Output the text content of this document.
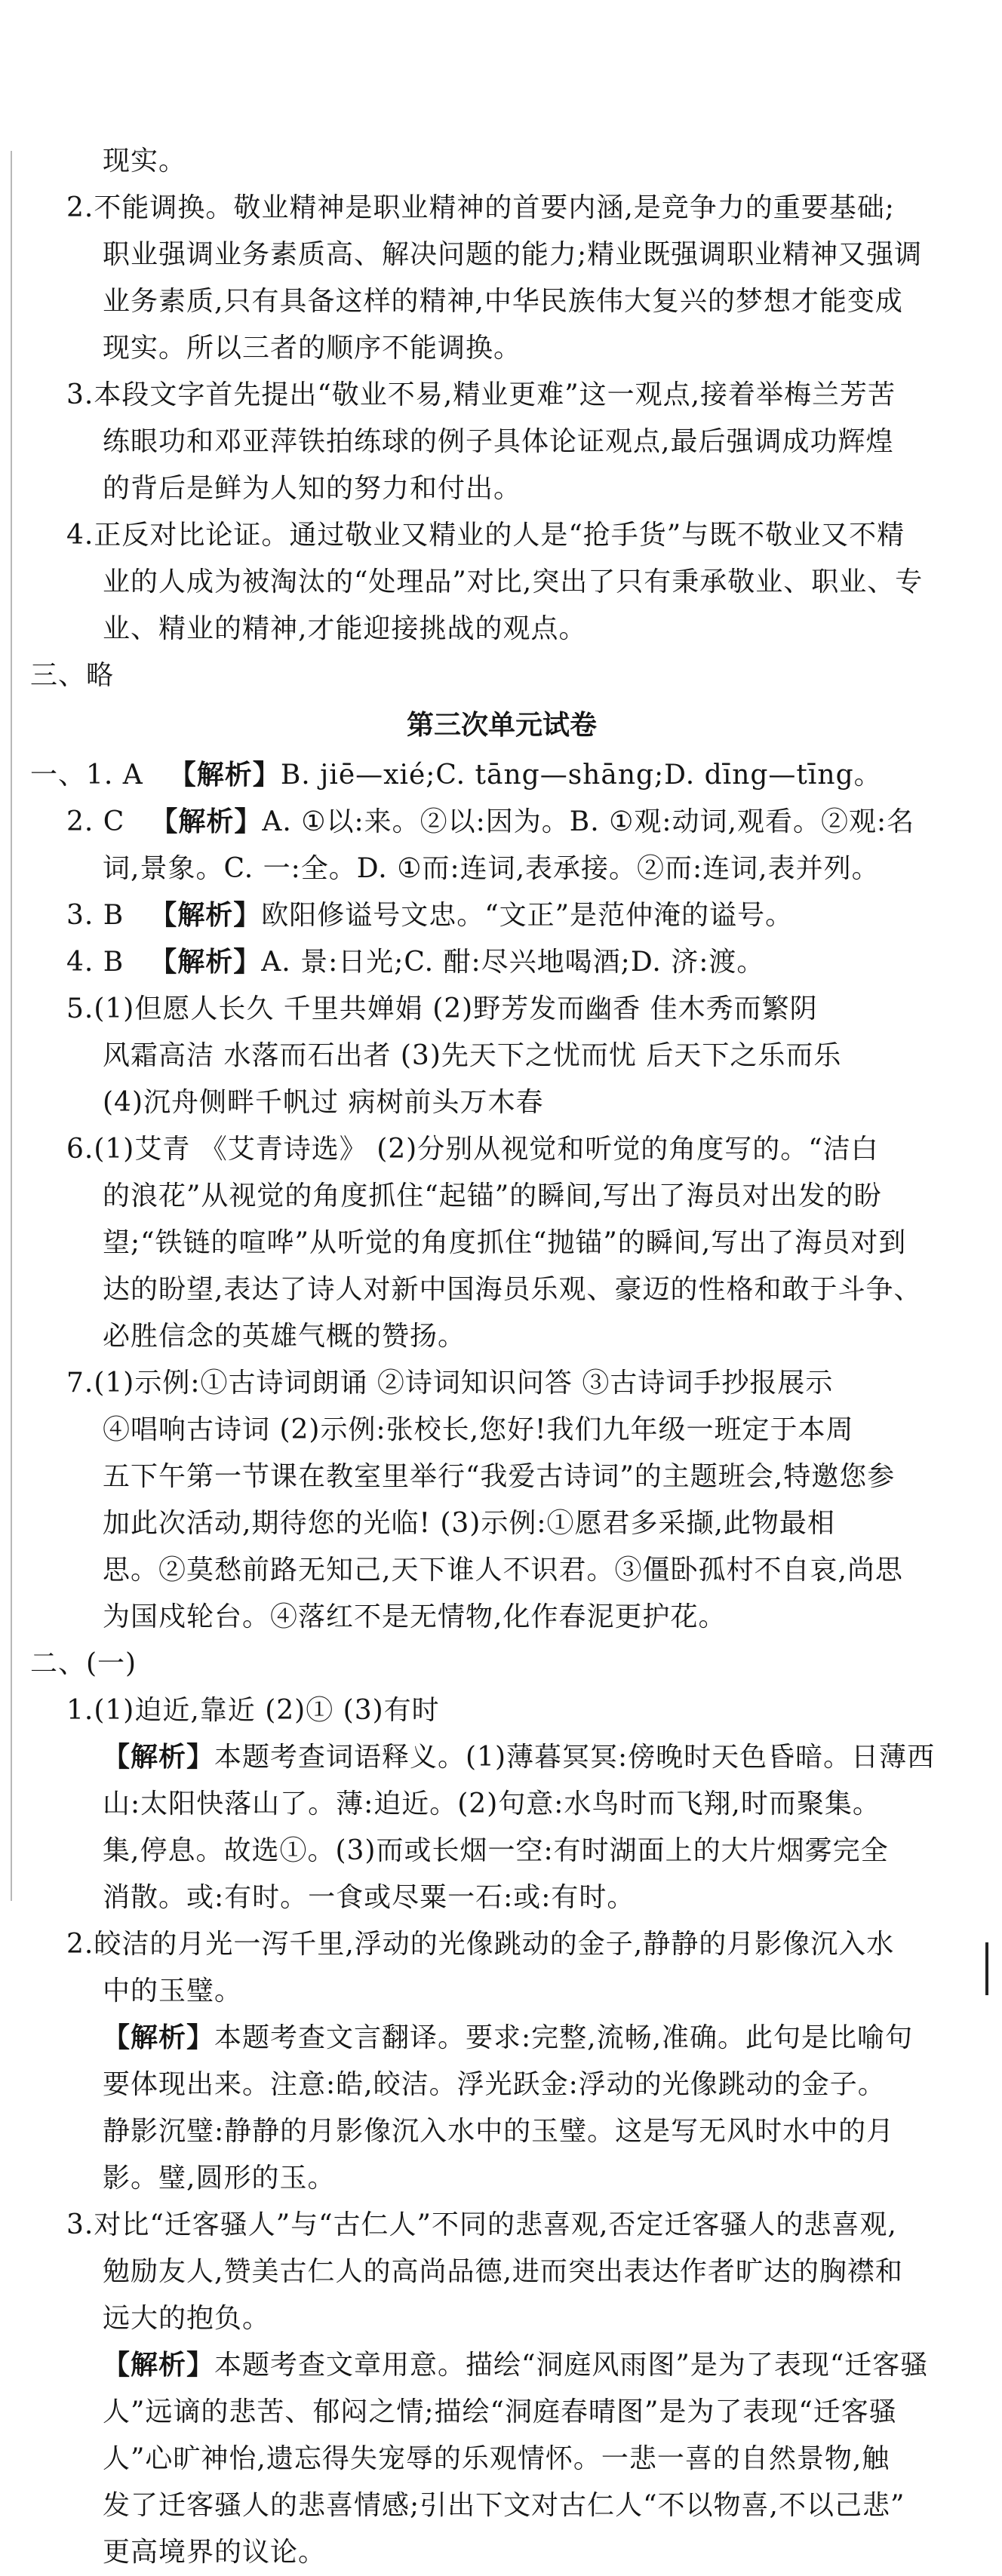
现实。
2.不能调换。敬业精神是职业精神的首要内涵,是竞争力的重要基础;
职业强调业务素质高、解决问题的能力;精业既强调职业精神又强调
业务素质,只有具备这样的精神,中华民族伟大复兴的梦想才能变成
现实。所以三者的顺序不能调换。
3.本段文字首先提出“敬业不易,精业更难”这一观点,接着举梅兰芳苦
练眼功和邓亚萍铁拍练球的例子具体论证观点,最后强调成功辉煌
的背后是鲜为人知的努力和付出。
4.正反对比论证。通过敬业又精业的人是“抢手货”与既不敬业又不精
业的人成为被淘汰的“处理品”对比,突出了只有秉承敬业、职业、专
业、精业的精神,才能迎接挑战的观点。
三、略
第三次单元试卷
一、1. A 【解析】B. jiē—xié;C. tāng—shāng;D. dīng—tīng。
2. C 【解析】A. ①以:来。②以:因为。B. ①观:动词,观看。②观:名
词,景象。C. 一:全。D. ①而:连词,表承接。②而:连词,表并列。
3. B 【解析】欧阳修谥号文忠。“文正”是范仲淹的谥号。
4. B 【解析】A. 景:日光;C. 酣:尽兴地喝酒;D. 济:渡。
5.(1)但愿人长久 千里共婵娟 (2)野芳发而幽香 佳木秀而繁阴
风霜高洁 水落而石出者 (3)先天下之忧而忧 后天下之乐而乐
(4)沉舟侧畔千帆过 病树前头万木春
6.(1)艾青 《艾青诗选》 (2)分别从视觉和听觉的角度写的。“洁白
的浪花”从视觉的角度抓住“起锚”的瞬间,写出了海员对出发的盼
望;“铁链的喧哗”从听觉的角度抓住“抛锚”的瞬间,写出了海员对到
达的盼望,表达了诗人对新中国海员乐观、豪迈的性格和敢于斗争、
必胜信念的英雄气概的赞扬。
7.(1)示例:①古诗词朗诵 ②诗词知识问答 ③古诗词手抄报展示
④唱响古诗词 (2)示例:张校长,您好!我们九年级一班定于本周
五下午第一节课在教室里举行“我爱古诗词”的主题班会,特邀您参
加此次活动,期待您的光临! (3)示例:①愿君多采撷,此物最相
思。②莫愁前路无知己,天下谁人不识君。③僵卧孤村不自哀,尚思
为国戍轮台。④落红不是无情物,化作春泥更护花。
二、(一)
1.(1)迫近,靠近 (2)① (3)有时
【解析】本题考查词语释义。(1)薄暮冥冥:傍晚时天色昏暗。日薄西
山:太阳快落山了。薄:迫近。(2)句意:水鸟时而飞翔,时而聚集。
集,停息。故选①。(3)而或长烟一空:有时湖面上的大片烟雾完全
消散。或:有时。一食或尽粟一石:或:有时。
2.皎洁的月光一泻千里,浮动的光像跳动的金子,静静的月影像沉入水
中的玉璧。
【解析】本题考查文言翻译。要求:完整,流畅,准确。此句是比喻句
要体现出来。注意:皓,皎洁。浮光跃金:浮动的光像跳动的金子。
静影沉璧:静静的月影像沉入水中的玉璧。这是写无风时水中的月
影。璧,圆形的玉。
3.对比“迁客骚人”与“古仁人”不同的悲喜观,否定迁客骚人的悲喜观,
勉励友人,赞美古仁人的高尚品德,进而突出表达作者旷达的胸襟和
远大的抱负。
【解析】本题考查文章用意。描绘“洞庭风雨图”是为了表现“迁客骚
人”远谪的悲苦、郁闷之情;描绘“洞庭春晴图”是为了表现“迁客骚
人”心旷神怡,遗忘得失宠辱的乐观情怀。一悲一喜的自然景物,触
发了迁客骚人的悲喜情感;引出下文对古仁人“不以物喜,不以己悲”
更高境界的议论。
